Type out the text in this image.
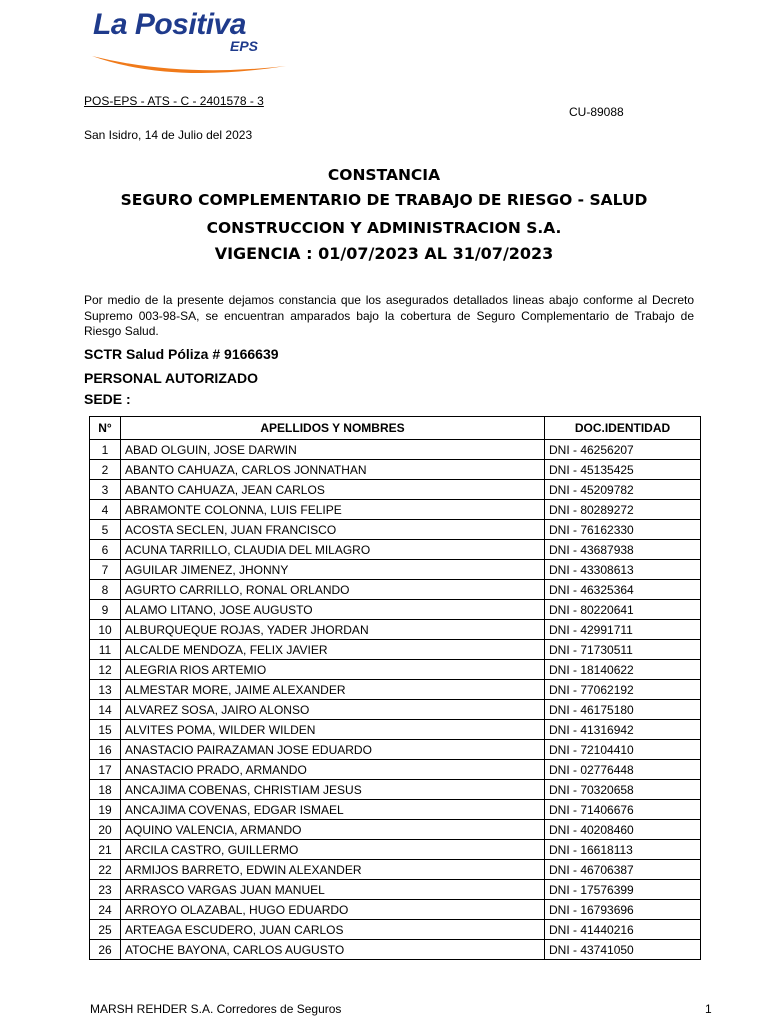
La Positiva
EPS
POS-EPS - ATS - C - 2401578 - 3
CU-89088
San Isidro, 14 de Julio del 2023
CONSTANCIA
SEGURO COMPLEMENTARIO DE TRABAJO DE RIESGO - SALUD
CONSTRUCCION Y ADMINISTRACION S.A.
VIGENCIA : 01/07/2023 AL 31/07/2023
Por medio de la presente dejamos constancia que los asegurados detallados lineas abajo conforme al Decreto Supremo 003-98-SA, se encuentran amparados bajo la cobertura de Seguro Complementario de Trabajo de Riesgo Salud.
SCTR Salud Póliza # 9166639
PERSONAL AUTORIZADO
SEDE :
N°	APELLIDOS Y NOMBRES	DOC.IDENTIDAD
1	ABAD OLGUIN, JOSE DARWIN	DNI - 46256207
2	ABANTO CAHUAZA, CARLOS JONNATHAN	DNI - 45135425
3	ABANTO CAHUAZA, JEAN CARLOS	DNI - 45209782
4	ABRAMONTE COLONNA, LUIS FELIPE	DNI - 80289272
5	ACOSTA SECLEN, JUAN FRANCISCO	DNI - 76162330
6	ACUNA TARRILLO, CLAUDIA DEL MILAGRO	DNI - 43687938
7	AGUILAR JIMENEZ, JHONNY	DNI - 43308613
8	AGURTO CARRILLO, RONAL ORLANDO	DNI - 46325364
9	ALAMO LITANO, JOSE AUGUSTO	DNI - 80220641
10	ALBURQUEQUE ROJAS, YADER JHORDAN	DNI - 42991711
11	ALCALDE MENDOZA, FELIX JAVIER	DNI - 71730511
12	ALEGRIA RIOS ARTEMIO	DNI - 18140622
13	ALMESTAR MORE, JAIME ALEXANDER	DNI - 77062192
14	ALVAREZ SOSA, JAIRO ALONSO	DNI - 46175180
15	ALVITES POMA, WILDER WILDEN	DNI - 41316942
16	ANASTACIO PAIRAZAMAN JOSE EDUARDO	DNI - 72104410
17	ANASTACIO PRADO, ARMANDO	DNI - 02776448
18	ANCAJIMA COBENAS, CHRISTIAM JESUS	DNI - 70320658
19	ANCAJIMA COVENAS, EDGAR ISMAEL	DNI - 71406676
20	AQUINO VALENCIA, ARMANDO	DNI - 40208460
21	ARCILA CASTRO, GUILLERMO	DNI - 16618113
22	ARMIJOS BARRETO, EDWIN ALEXANDER	DNI - 46706387
23	ARRASCO VARGAS JUAN MANUEL	DNI - 17576399
24	ARROYO OLAZABAL, HUGO EDUARDO	DNI - 16793696
25	ARTEAGA ESCUDERO, JUAN CARLOS	DNI - 41440216
26	ATOCHE BAYONA, CARLOS AUGUSTO	DNI - 43741050
MARSH REHDER S.A. Corredores de Seguros	1
